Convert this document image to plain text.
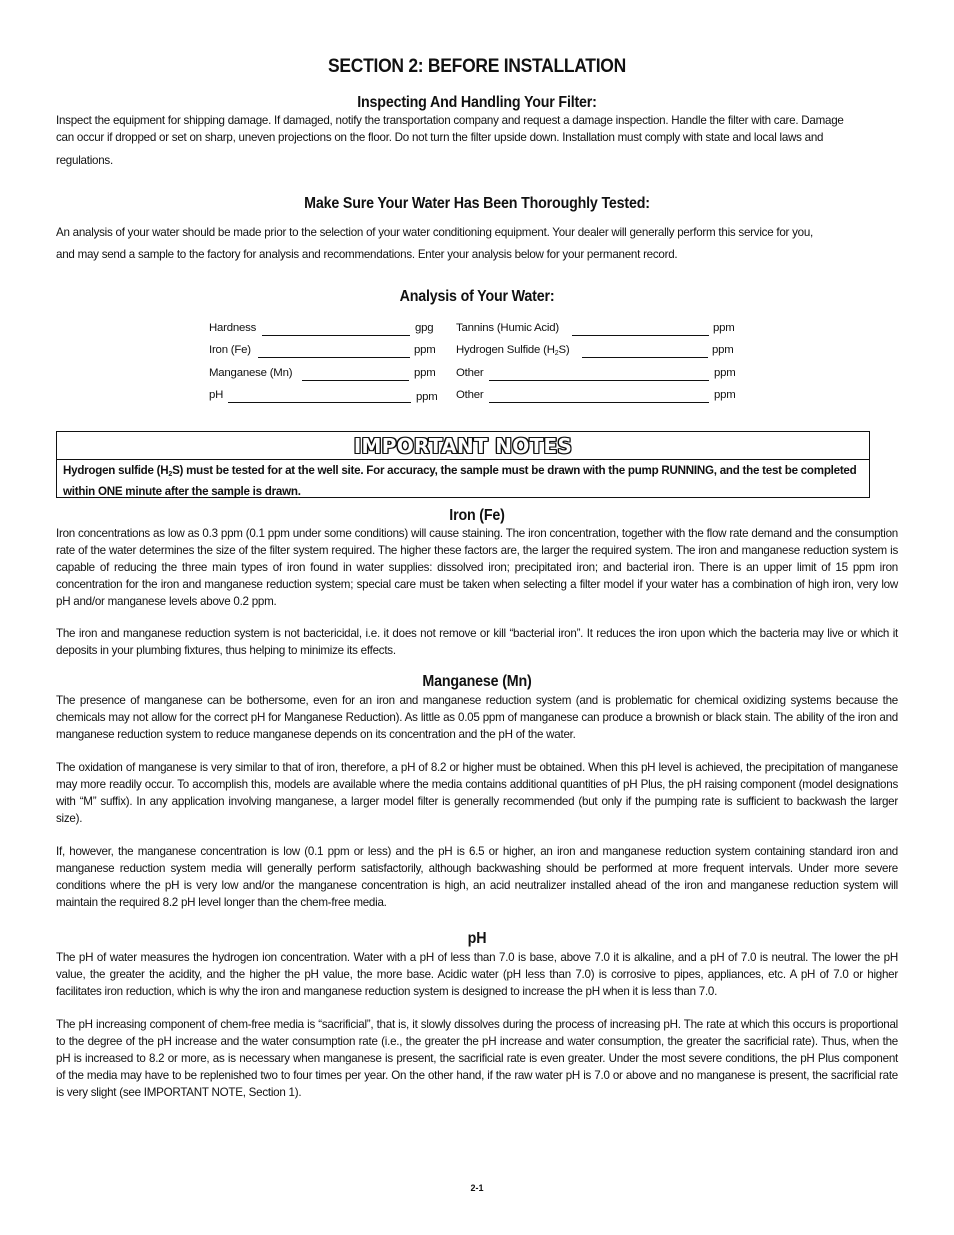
SECTION 2: BEFORE INSTALLATION
Inspecting And Handling Your Filter:
Inspect the equipment for shipping damage. If damaged, notify the transportation company and request a damage inspection. Handle the filter with care. Damage
can occur if dropped or set on sharp, uneven projections on the floor. Do not turn the filter upside down. Installation must comply with state and local laws and
regulations.
Make Sure Your Water Has Been Thoroughly Tested:
An analysis of your water should be made prior to the selection of your water conditioning equipment. Your dealer will generally perform this service for you,
and may send a sample to the factory for analysis and recommendations. Enter your analysis below for your permanent record.
Analysis of Your Water:
Hardness	gpg
Iron (Fe)	ppm
Manganese (Mn)	ppm
pH	ppm
Tannins (Humic Acid)	ppm
Hydrogen Sulfide $(H_2S)$	ppm
Other	ppm
Other	ppm
IMPORTANT NOTES
Hydrogen sulfide $(H_2S)$ must be tested for at the well site. For accuracy, the sample must be drawn with the pump RUNNING, and the test be completed within ONE minute after the sample is drawn.
Iron (Fe)

Iron concentrations as low as 0.3 ppm (0.1 ppm under some conditions) will cause staining. The iron concentration, together with the flow rate demand and the consumption rate of the water determines the size of the filter system required. The higher these factors are, the larger the required system. The iron and manganese reduction system is capable of reducing the three main types of iron found in water supplies: dissolved iron; precipitated iron; and bacterial iron. There is an upper limit of 15 ppm iron concentration for the iron and manganese reduction system; special care must be taken when selecting a filter model if your water has a combination of high iron, very low pH and/or manganese levels above 0.2 ppm.

The iron and manganese reduction system is not bactericidal, i.e. it does not remove or kill “bacterial iron”. It reduces the iron upon which the bacteria may live or which it deposits in your plumbing fixtures, thus helping to minimize its effects.

Manganese (Mn)

The presence of manganese can be bothersome, even for an iron and manganese reduction system (and is problematic for chemical oxidizing systems because the chemicals may not allow for the correct pH for Manganese Reduction). As little as 0.05 ppm of manganese can produce a brownish or black stain. The ability of the iron and manganese reduction system to reduce manganese depends on its concentration and the pH of the water.

The oxidation of manganese is very similar to that of iron, therefore, a pH of 8.2 or higher must be obtained. When this pH level is achieved, the precipitation of manganese may more readily occur. To accomplish this, models are available where the media contains additional quantities of pH Plus, the pH raising component (model designations with “M” suffix). In any application involving manganese, a larger model filter is generally recommended (but only if the pumping rate is sufficient to backwash the larger size).

If, however, the manganese concentration is low (0.1 ppm or less) and the pH is 6.5 or higher, an iron and manganese reduction system containing standard iron and manganese reduction system media will generally perform satisfactorily, although backwashing should be performed at more frequent intervals. Under more severe conditions where the pH is very low and/or the manganese concentration is high, an acid neutralizer installed ahead of the iron and manganese reduction system will maintain the required 8.2 pH level longer than the chem-free media.

pH

The pH of water measures the hydrogen ion concentration. Water with a pH of less than 7.0 is base, above 7.0 it is alkaline, and a pH of 7.0 is neutral. The lower the pH value, the greater the acidity, and the higher the pH value, the more base. Acidic water (pH less than 7.0) is corrosive to pipes, appliances, etc. A pH of 7.0 or higher facilitates iron reduction, which is why the iron and manganese reduction system is designed to increase the pH when it is less than 7.0.

The pH increasing component of chem-free media is “sacrificial”, that is, it slowly dissolves during the process of increasing pH. The rate at which this occurs is proportional to the degree of the pH increase and the water consumption rate (i.e., the greater the pH increase and water consumption, the greater the sacrificial rate). Thus, when the pH is increased to 8.2 or more, as is necessary when manganese is present, the sacrificial rate is even greater. Under the most severe conditions, the pH Plus component of the media may have to be replenished two to four times per year. On the other hand, if the raw water pH is 7.0 or above and no manganese is present, the sacrificial rate is very slight (see IMPORTANT NOTE, Section 1).

2-1
